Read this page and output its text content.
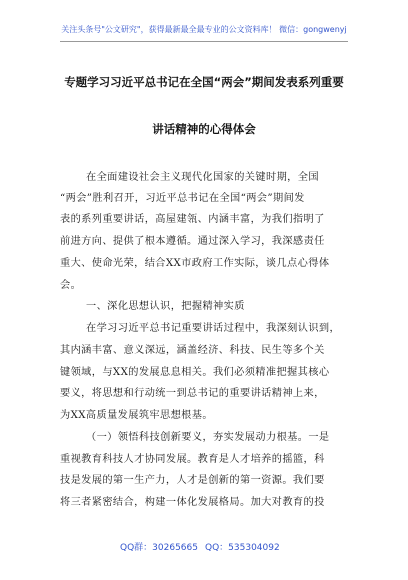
关注头条号"公文研究"，获得最新最全最专业的公文资料库！ 微信：gongwenyj
专题学习习近平总书记在全国“两会”期间发表系列重要
讲话精神的心得体会
在全面建设社会主义现代化国家的关键时期，全国
“两会”胜利召开，习近平总书记在全国“两会”期间发
表的系列重要讲话，高屋建瓴、内涵丰富，为我们指明了
前进方向、提供了根本遵循。通过深入学习，我深感责任
重大、使命光荣，结合XX市政府工作实际，谈几点心得体
会。
一、深化思想认识，把握精神实质
在学习习近平总书记重要讲话过程中，我深刻认识到，
其内涵丰富、意义深远，涵盖经济、科技、民生等多个关
键领域，与XX的发展息息相关。我们必须精准把握其核心
要义，将思想和行动统一到总书记的重要讲话精神上来，
为XX高质量发展筑牢思想根基。
（一）领悟科技创新要义，夯实发展动力根基。一是
重视教育科技人才协同发展。教育是人才培养的摇篮，科
技是发展的第一生产力，人才是创新的第一资源。我们要
将三者紧密结合，构建一体化发展格局。加大对教育的投
QQ群：30265665 QQ：535304092
